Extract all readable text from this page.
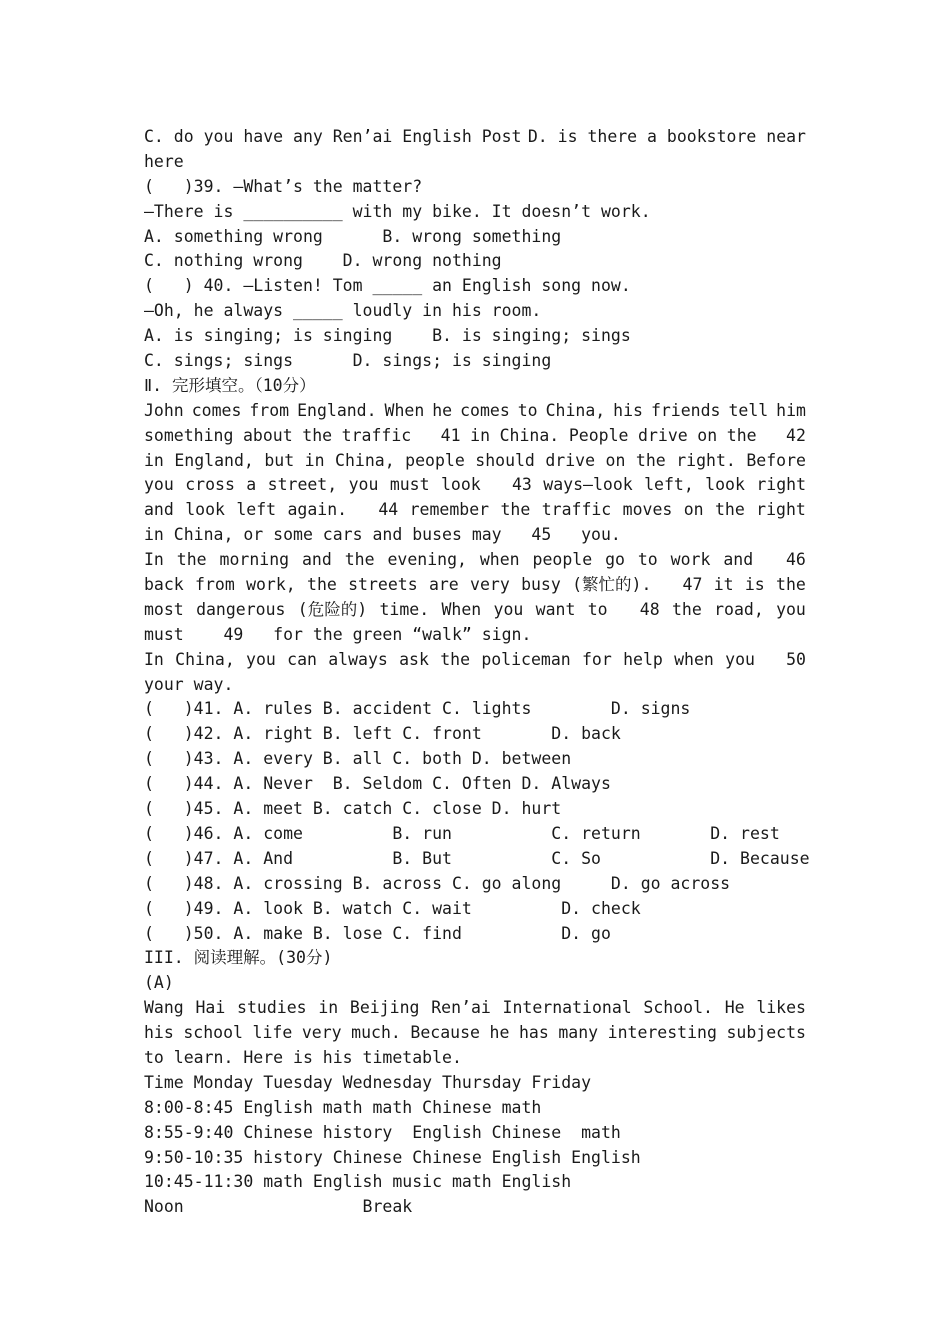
C. do you have any Ren’ai English Post D. is there a bookstore near
here
(   )39. —What’s the matter?
—There is __________ with my bike. It doesn’t work.
A. something wrong      B. wrong something
C. nothing wrong    D. wrong nothing
(   ) 40. —Listen! Tom _____ an English song now.
—Oh, he always _____ loudly in his room.
A. is singing; is singing    B. is singing; sings
C. sings; sings      D. sings; is singing
Ⅱ. 完形填空。（10分）
John comes from England. When he comes to China, his friends tell him
something about the traffic 41 in China. People drive on the 42
in England, but in China, people should drive on the right. Before
you cross a street, you must look 43 ways—look left, look right
and look left again. 44 remember the traffic moves on the right
in China, or some cars and buses may   45   you.
In the morning and the evening, when people go to work and 46
back from work, the streets are very busy (繁忙的). 47 it is the
most dangerous (危险的) time. When you want to 48 the road, you
must    49   for the green “walk” sign.
In China, you can always ask the policeman for help when you 50
your way.
(   )41. A. rules B. accident C. lights        D. signs
(   )42. A. right B. left C. front       D. back
(   )43. A. every B. all C. both D. between
(   )44. A. Never  B. Seldom C. Often D. Always
(   )45. A. meet B. catch C. close D. hurt
(   )46. A. come         B. run          C. return       D. rest
(   )47. A. And          B. But          C. So           D. Because
(   )48. A. crossing B. across C. go along     D. go across
(   )49. A. look B. watch C. wait         D. check
(   )50. A. make B. lose C. find          D. go
III. 阅读理解。(30分)
(A)
Wang Hai studies in Beijing Ren’ai International School. He likes
his school life very much. Because he has many interesting subjects
to learn. Here is his timetable.
Time Monday Tuesday Wednesday Thursday Friday
8:00-8:45 English math math Chinese math
8:55-9:40 Chinese history  English Chinese  math
9:50-10:35 history Chinese Chinese English English
10:45-11:30 math English music math English
Noon                  Break
